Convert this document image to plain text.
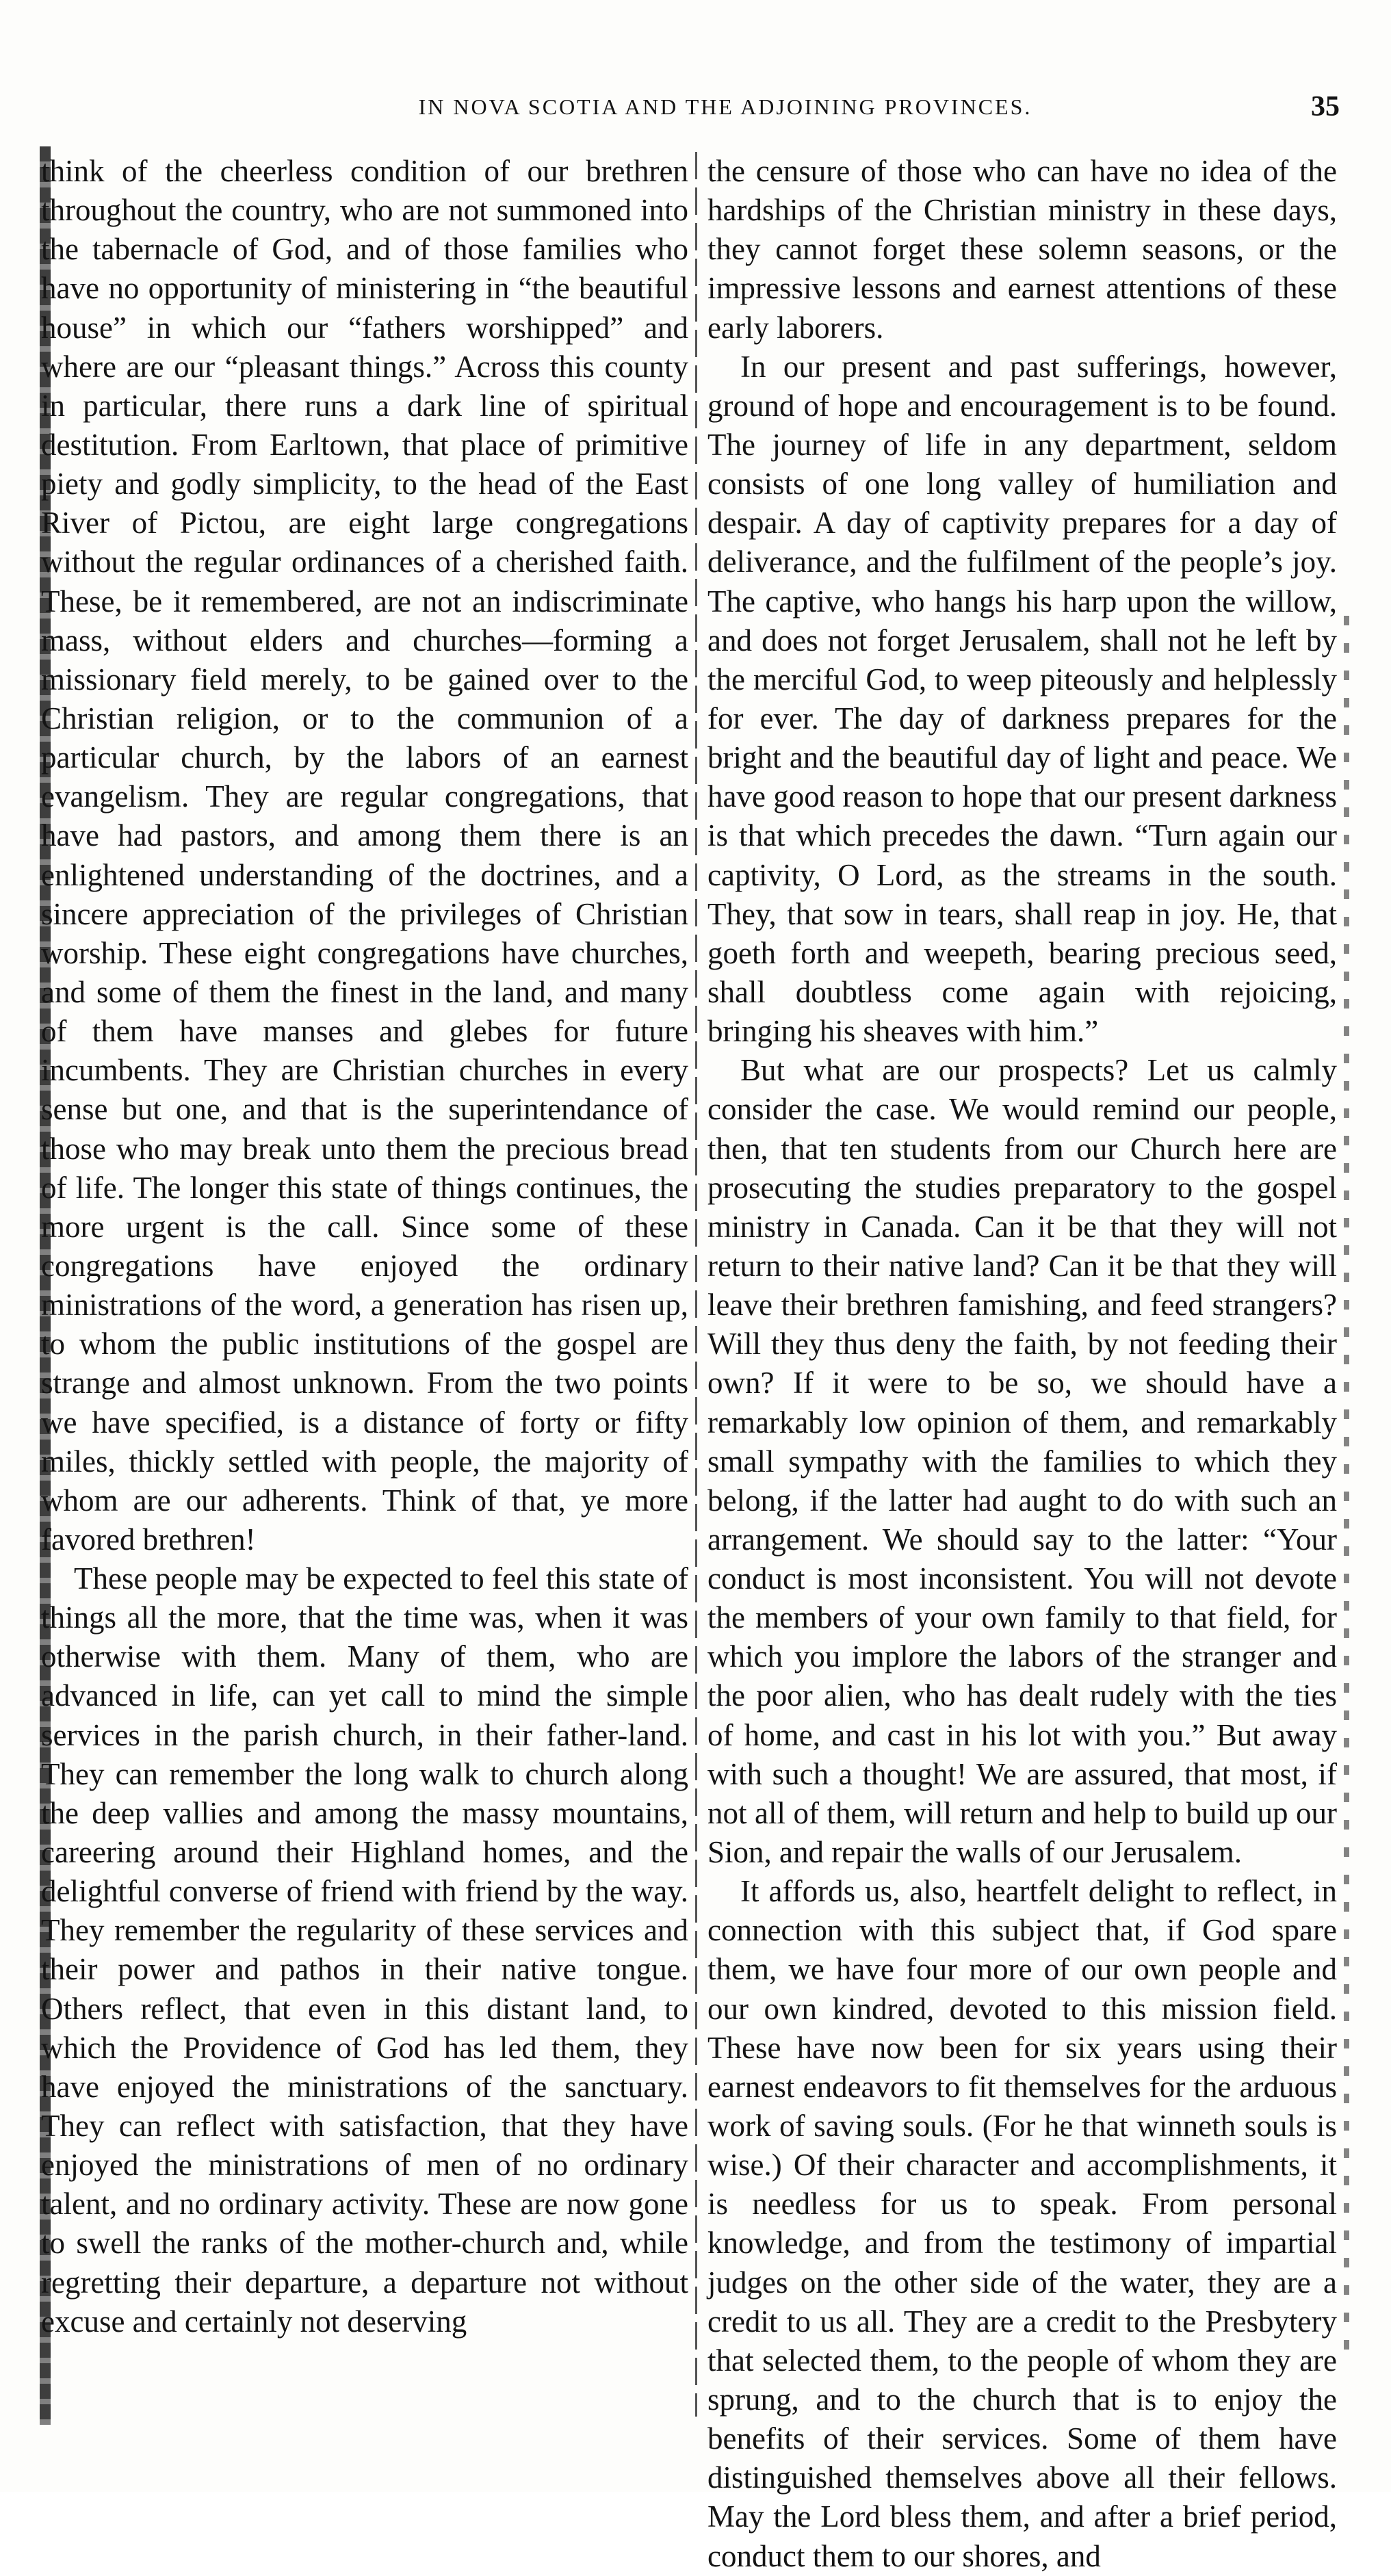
IN NOVA SCOTIA AND THE ADJOINING PROVINCES.	35

think of the cheerless condition of our brethren throughout the country, who are not summoned into the tabernacle of God, and of those families who have no opportunity of ministering in “the beautiful house” in which our “fathers worshipped” and where are our “pleasant things.” Across this county in particular, there runs a dark line of spiritual destitution. From Earltown, that place of primitive piety and godly simplicity, to the head of the East River of Pictou, are eight large congregations without the regular ordinances of a cherished faith. These, be it remembered, are not an indiscriminate mass, without elders and churches—forming a missionary field merely, to be gained over to the Christian religion, or to the communion of a particular church, by the labors of an earnest evangelism. They are regular congregations, that have had pastors, and among them there is an enlightened understanding of the doctrines, and a sincere appreciation of the privileges of Christian worship. These eight congregations have churches, and some of them the finest in the land, and many of them have manses and glebes for future incumbents. They are Christian churches in every sense but one, and that is the superintendance of those who may break unto them the precious bread of life. The longer this state of things continues, the more urgent is the call. Since some of these congregations have enjoyed the ordinary ministrations of the word, a generation has risen up, to whom the public institutions of the gospel are strange and almost unknown. From the two points we have specified, is a distance of forty or fifty miles, thickly settled with people, the majority of whom are our adherents. Think of that, ye more favored brethren!

These people may be expected to feel this state of things all the more, that the time was, when it was otherwise with them. Many of them, who are advanced in life, can yet call to mind the simple services in the parish church, in their father-land. They can remember the long walk to church along the deep vallies and among the massy mountains, careering around their Highland homes, and the delightful converse of friend with friend by the way. They remember the regularity of these services and their power and pathos in their native tongue. Others reflect, that even in this distant land, to which the Providence of God has led them, they have enjoyed the ministrations of the sanctuary. They can reflect with satisfaction, that they have enjoyed the ministrations of men of no ordinary talent, and no ordinary activity. These are now gone to swell the ranks of the mother-church and, while regretting their departure, a departure not without excuse and certainly not deserving

the censure of those who can have no idea of the hardships of the Christian ministry in these days, they cannot forget these solemn seasons, or the impressive lessons and earnest attentions of these early laborers.

In our present and past sufferings, however, ground of hope and encouragement is to be found. The journey of life in any department, seldom consists of one long valley of humiliation and despair. A day of captivity prepares for a day of deliverance, and the fulfilment of the people’s joy. The captive, who hangs his harp upon the willow, and does not forget Jerusalem, shall not he left by the merciful God, to weep piteously and helplessly for ever. The day of darkness prepares for the bright and the beautiful day of light and peace. We have good reason to hope that our present darkness is that which precedes the dawn. “Turn again our captivity, O Lord, as the streams in the south. They, that sow in tears, shall reap in joy. He, that goeth forth and weepeth, bearing precious seed, shall doubtless come again with rejoicing, bringing his sheaves with him.”

But what are our prospects? Let us calmly consider the case. We would remind our people, then, that ten students from our Church here are prosecuting the studies preparatory to the gospel ministry in Canada. Can it be that they will not return to their native land? Can it be that they will leave their brethren famishing, and feed strangers? Will they thus deny the faith, by not feeding their own? If it were to be so, we should have a remarkably low opinion of them, and remarkably small sympathy with the families to which they belong, if the latter had aught to do with such an arrangement. We should say to the latter: “Your conduct is most inconsistent. You will not devote the members of your own family to that field, for which you implore the labors of the stranger and the poor alien, who has dealt rudely with the ties of home, and cast in his lot with you.” But away with such a thought! We are assured, that most, if not all of them, will return and help to build up our Sion, and repair the walls of our Jerusalem.

It affords us, also, heartfelt delight to reflect, in connection with this subject that, if God spare them, we have four more of our own people and our own kindred, devoted to this mission field. These have now been for six years using their earnest endeavors to fit themselves for the arduous work of saving souls. (For he that winneth souls is wise.) Of their character and accomplishments, it is needless for us to speak. From personal knowledge, and from the testimony of impartial judges on the other side of the water, they are a credit to us all. They are a credit to the Presbytery that selected them, to the people of whom they are sprung, and to the church that is to enjoy the benefits of their services. Some of them have distinguished themselves above all their fellows. May the Lord bless them, and after a brief period, conduct them to our shores, and
